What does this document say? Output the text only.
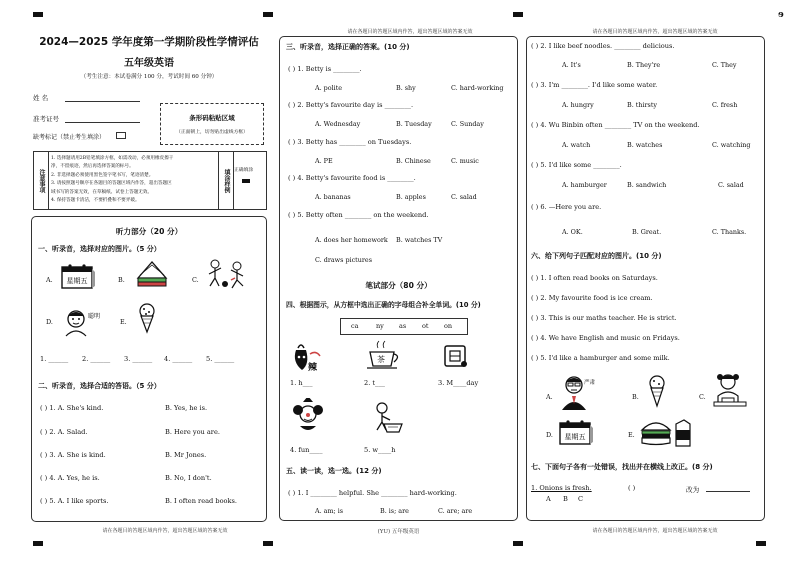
ɘ
请在各题目的答题区域内作答，超出答题区域的答案无效	请在各题目的答题区域内作答，超出答题区域的答案无效
请在各题目的答题区域内作答，超出答题区域的答案无效	请在各题目的答题区域内作答，超出答题区域的答案无效
2024—2025 学年度第一学期阶段性学情评估
五年级英语
（考生注意：本试卷满分 100 分，考试时间 60 分钟）
姓 名
准考证号
缺考标记（禁止考生填涂）
条形码粘贴区域
（正面朝上，切勿贴出虚线方框）
注意事项
1. 选择题请用2B铅笔填涂方框，如需改动，必须用橡皮擦干
净，不留痕迹，然后再选择答案的标号。
2. 非选择题必须使用黑色签字笔书写，笔迹清楚。
3. 请按照题号顺序在各题目的答题区域内作答，超出答题区
域书写的答案无效，在草稿纸、试卷上答题无效。
4. 保持答题卡清洁，不要折叠和不要弄破。
填涂样例 正确填涂
听力部分（20 分）
一、听录音，选择对应的图片。（5 分）
A. 星期五	B.	C.
D.
聪明
E.
1. ______ 2. ______ 3. ______ 4. ______ 5. ______
二、听录音，选择合适的答语。（5 分）
( ) 1. A. She's kind.	B. Yes, he is.
( ) 2. A. Salad.	B. Here you are.
( ) 3. A. She is kind.	B. Mr Jones.
( ) 4. A. Yes, he is.	B. No, I don't.
( ) 5. A. I like sports.	B. I often read books.
三、听录音，选择正确的答案。(10 分)
( ) 1. Betty is ________.
A. polite	B. shy	C. hard-working
( ) 2. Betty's favourite day is ________.
A. Wednesday	B. Tuesday	C. Sunday
( ) 3. Betty has ________ on Tuesdays.
A. PE	B. Chinese	C. music
( ) 4. Betty's favourite food is ________.
A. bananas	B. apples	C. salad
( ) 5. Betty often ________ on the weekend.
A. does her homework B. watches TV
C. draws pictures
笔试部分（80 分）
四、根据图示，从方框中选出正确的字母组合补全单词。(10 分)
ca	ny as ot on
辣
茶
1. h___	2. t___	3. M____day
4. fun____	5. w____h
五、读一读，选一选。(12 分)
( ) 1. I ________ helpful. She ________ hard-working.
A. am; is	B. is; are	C. are; are
(YU) 五年级英语
( ) 2. I like beef noodles. ________ delicious.
A. It's	B. They're	C. They
( ) 3. I'm ________. I'd like some water.
A. hungry	B. thirsty	C. fresh
( ) 4. Wu Binbin often ________ TV on the weekend.
A. watch	B. watches	C. watching
( ) 5. I'd like some ________.
A. hamburger	B. sandwich	C. salad
( ) 6. —Here you are.
A. OK.	B. Great.	C. Thanks.
六、给下列句子匹配对应的图片。(10 分)
( ) 1. I often read books on Saturdays.
( ) 2. My favourite food is ice cream.
( ) 3. This is our maths teacher. He is strict.
( ) 4. We have English and music on Fridays.
( ) 5. I'd like a hamburger and some milk.
A.
严肃
B.	C.
D. 星期五	E.
七、下面句子各有一处错误，找出并在横线上改正。(8 分)
1. Onions is fresh.	( )	改为
A B C
